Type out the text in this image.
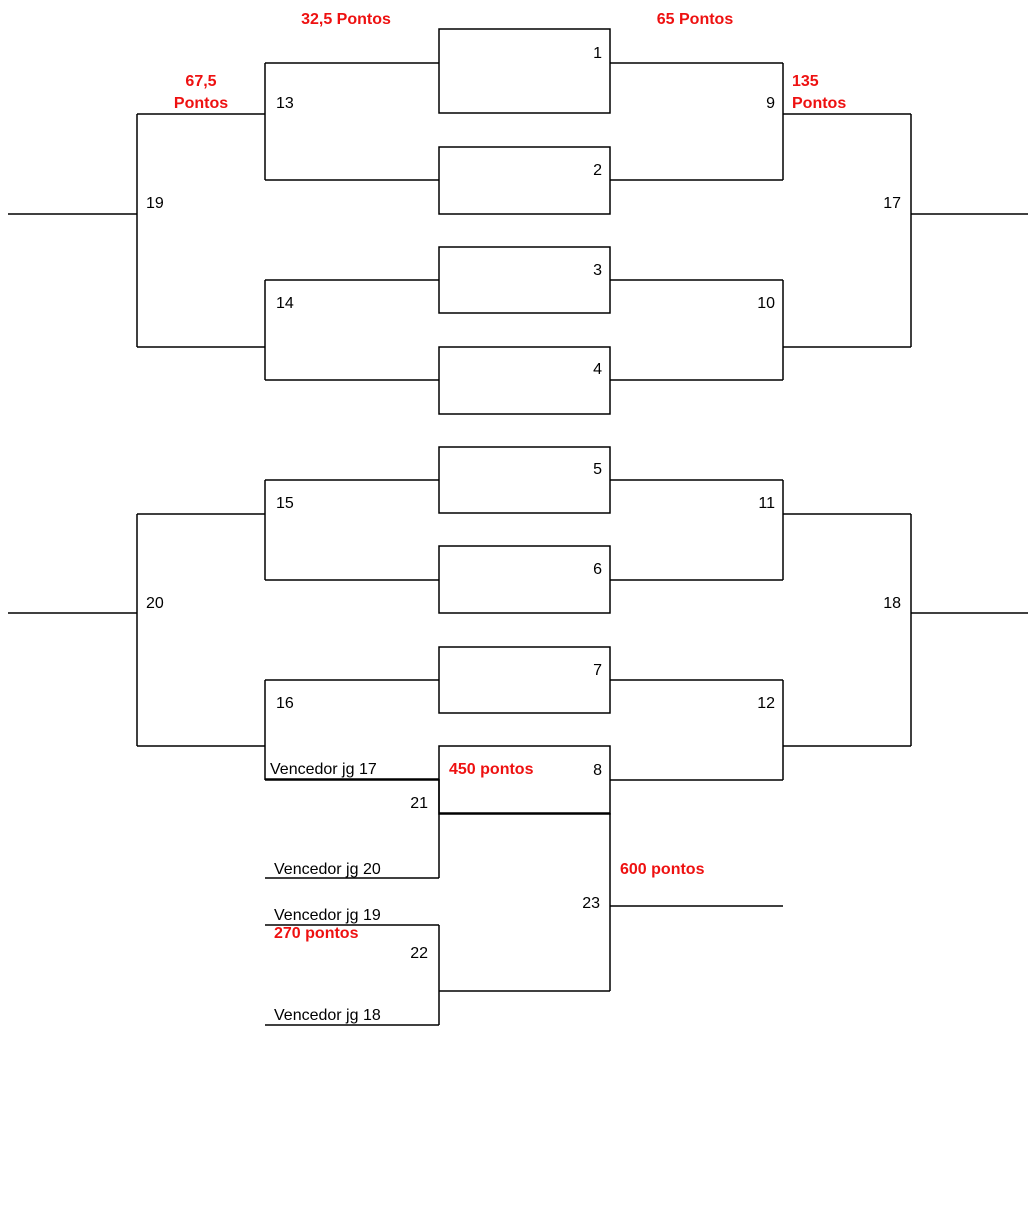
1
2
3
4
5
6
7
8
9
10
11
12
13
14
15
16
17
18
19
20
21
22
23
32,5 Pontos	65 Pontos
67,5
Pontos
135
Pontos
270 pontos
450 pontos
600 pontos
Vencedor jg 17
Vencedor jg 20
Vencedor jg 19
Vencedor jg 18
